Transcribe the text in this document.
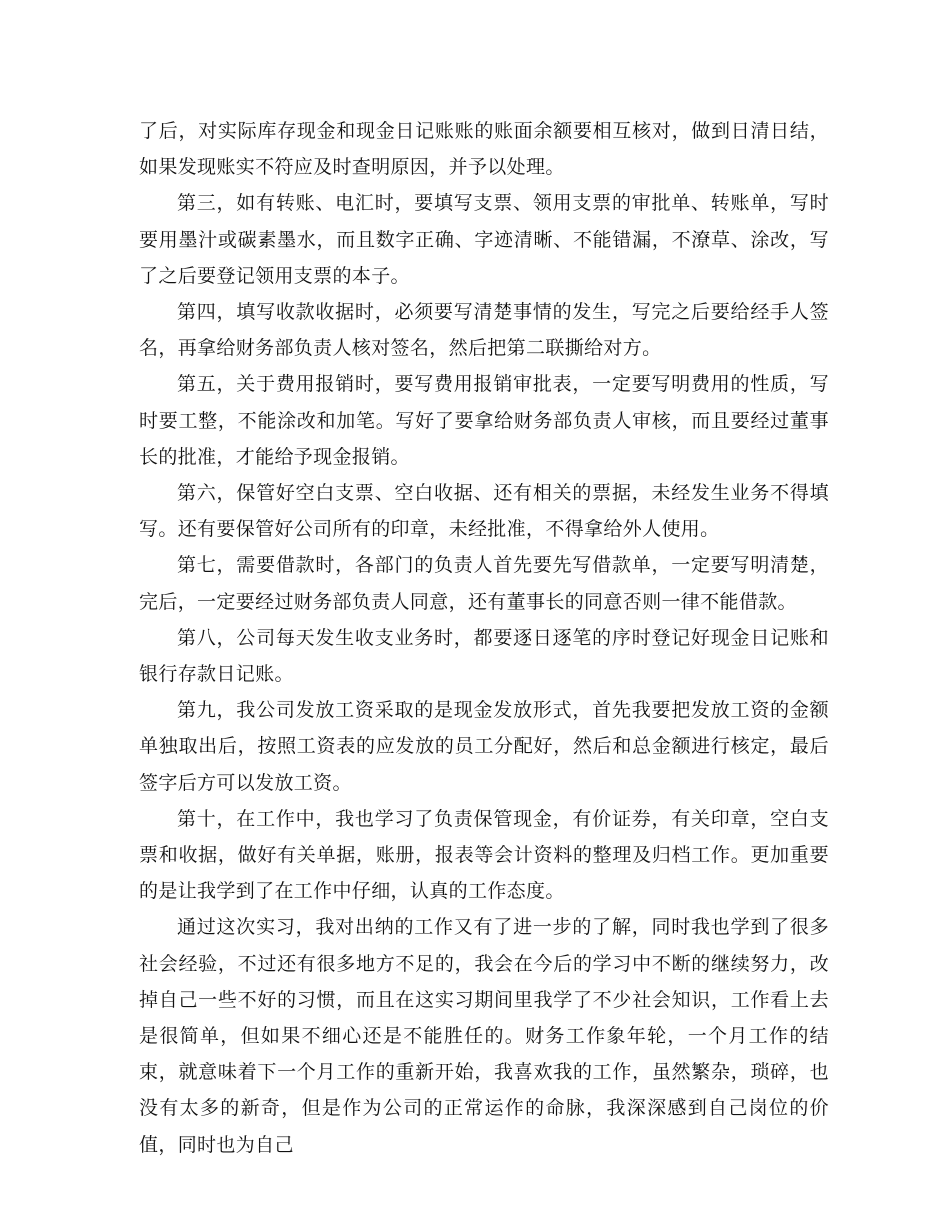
了后，对实际库存现金和现金日记账账的账面余额要相互核对，做到日清日结，如果发现账实不符应及时查明原因，并予以处理。

第三，如有转账、电汇时，要填写支票、领用支票的审批单、转账单，写时要用墨汁或碳素墨水，而且数字正确、字迹清晰、不能错漏，不潦草、涂改，写了之后要登记领用支票的本子。

第四，填写收款收据时，必须要写清楚事情的发生，写完之后要给经手人签名，再拿给财务部负责人核对签名，然后把第二联撕给对方。

第五，关于费用报销时，要写费用报销审批表，一定要写明费用的性质，写时要工整，不能涂改和加笔。写好了要拿给财务部负责人审核，而且要经过董事长的批准，才能给予现金报销。

第六，保管好空白支票、空白收据、还有相关的票据，未经发生业务不得填写。还有要保管好公司所有的印章，未经批准，不得拿给外人使用。

第七，需要借款时，各部门的负责人首先要先写借款单，一定要写明清楚，完后，一定要经过财务部负责人同意，还有董事长的同意否则一律不能借款。

第八，公司每天发生收支业务时，都要逐日逐笔的序时登记好现金日记账和银行存款日记账。

第九，我公司发放工资采取的是现金发放形式，首先我要把发放工资的金额单独取出后，按照工资表的应发放的员工分配好，然后和总金额进行核定，最后签字后方可以发放工资。

第十，在工作中，我也学习了负责保管现金，有价证券，有关印章，空白支票和收据，做好有关单据，账册，报表等会计资料的整理及归档工作。更加重要的是让我学到了在工作中仔细，认真的工作态度。

通过这次实习，我对出纳的工作又有了进一步的了解，同时我也学到了很多社会经验，不过还有很多地方不足的，我会在今后的学习中不断的继续努力，改掉自己一些不好的习惯，而且在这实习期间里我学了不少社会知识，工作看上去是很简单，但如果不细心还是不能胜任的。财务工作象年轮，一个月工作的结束，就意味着下一个月工作的重新开始，我喜欢我的工作，虽然繁杂，琐碎，也没有太多的新奇，但是作为公司的正常运作的命脉，我深深感到自己岗位的价值，同时也为自己
